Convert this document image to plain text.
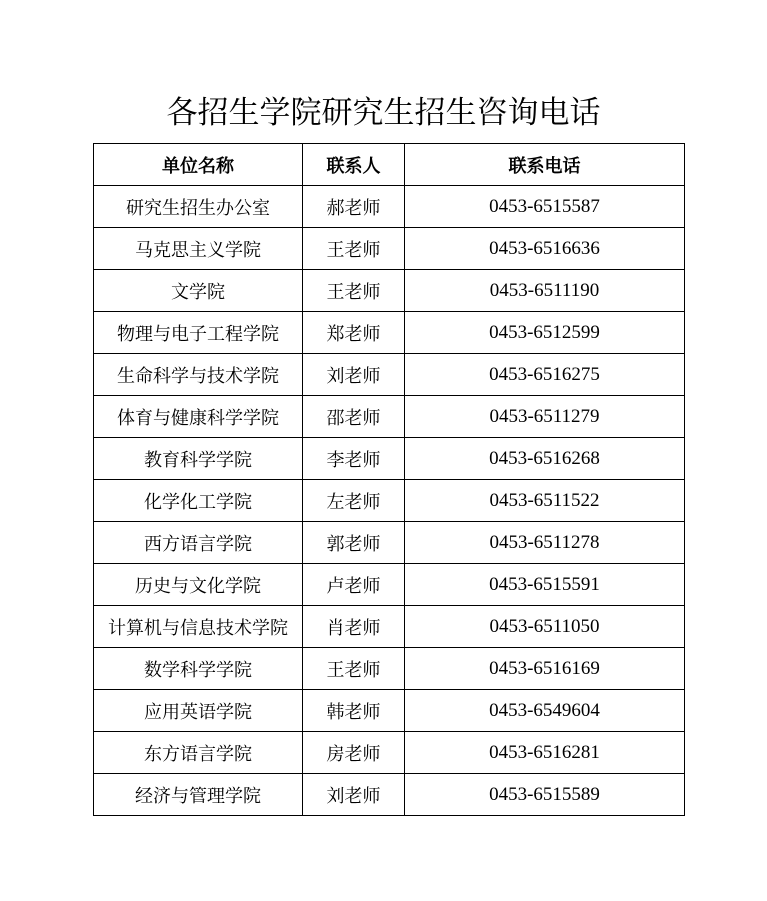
各招生学院研究生招生咨询电话
单位名称	联系人	联系电话
研究生招生办公室	郝老师	0453-6515587
马克思主义学院	王老师	0453-6516636
文学院	王老师	0453-6511190
物理与电子工程学院	郑老师	0453-6512599
生命科学与技术学院	刘老师	0453-6516275
体育与健康科学学院	邵老师	0453-6511279
教育科学学院	李老师	0453-6516268
化学化工学院	左老师	0453-6511522
西方语言学院	郭老师	0453-6511278
历史与文化学院	卢老师	0453-6515591
计算机与信息技术学院	肖老师	0453-6511050
数学科学学院	王老师	0453-6516169
应用英语学院	韩老师	0453-6549604
东方语言学院	房老师	0453-6516281
经济与管理学院	刘老师	0453-6515589
